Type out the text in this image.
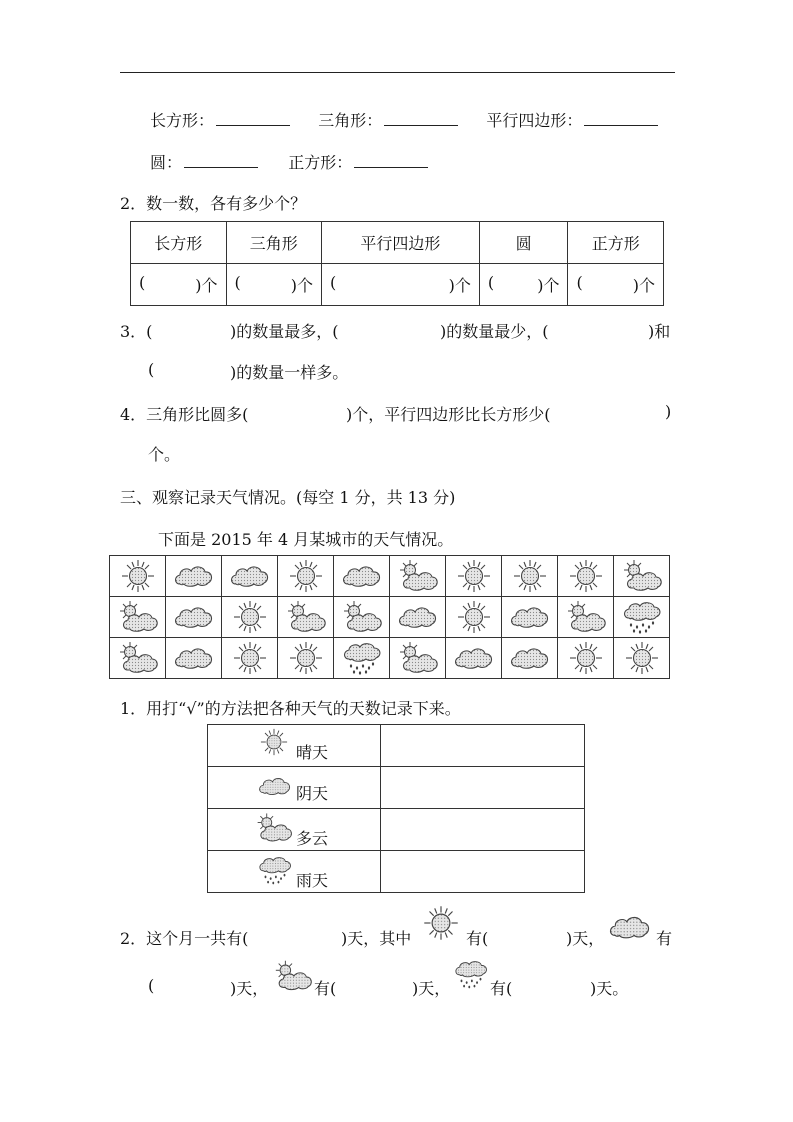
长方形：	三角形：	平行四边形：
圆：	正方形：
2．数一数，各有多少个？
长方形	三角形	平行四边形	圆	正方形

( )个	( )个	( )个	( )个	( )个
3．(	)的数量最多，(	)的数量最少，(	)和
(	)的数量一样多。
4．三角形比圆多(	)个，平行四边形比长方形少(	)
个。
三、观察记录天气情况。(每空 1 分，共 13 分)
下面是 2015 年 4 月某城市的天气情况。

1．用打“√”的方法把各种天气的天数记录下来。
晴天	

阴天	

多云	

雨天	

2．这个月一共有(	)天，其中	有(	)天，	有
(	)天，	有(	)天， 有(	)天。
